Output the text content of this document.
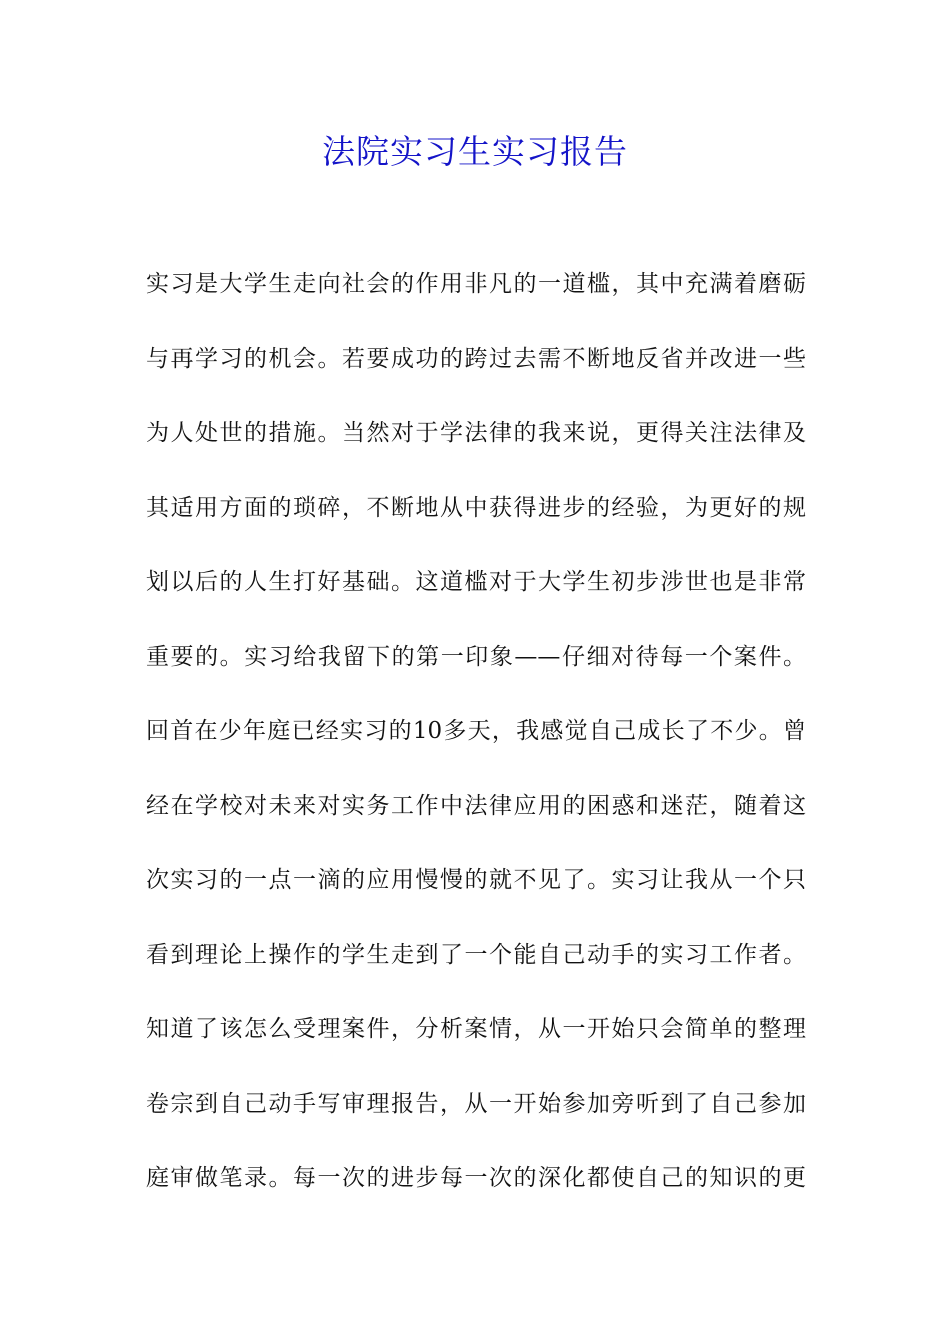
法院实习生实习报告
实习是大学生走向社会的作用非凡的一道槛，其中充满着磨砺
与再学习的机会。若要成功的跨过去需不断地反省并改进一些
为人处世的措施。当然对于学法律的我来说，更得关注法律及
其适用方面的琐碎，不断地从中获得进步的经验，为更好的规
划以后的人生打好基础。这道槛对于大学生初步涉世也是非常
重要的。实习给我留下的第一印象——仔细对待每一个案件。
回首在少年庭已经实习的10多天，我感觉自己成长了不少。曾
经在学校对未来对实务工作中法律应用的困惑和迷茫，随着这
次实习的一点一滴的应用慢慢的就不见了。实习让我从一个只
看到理论上操作的学生走到了一个能自己动手的实习工作者。
知道了该怎么受理案件，分析案情，从一开始只会简单的整理
卷宗到自己动手写审理报告，从一开始参加旁听到了自己参加
庭审做笔录。每一次的进步每一次的深化都使自己的知识的更
